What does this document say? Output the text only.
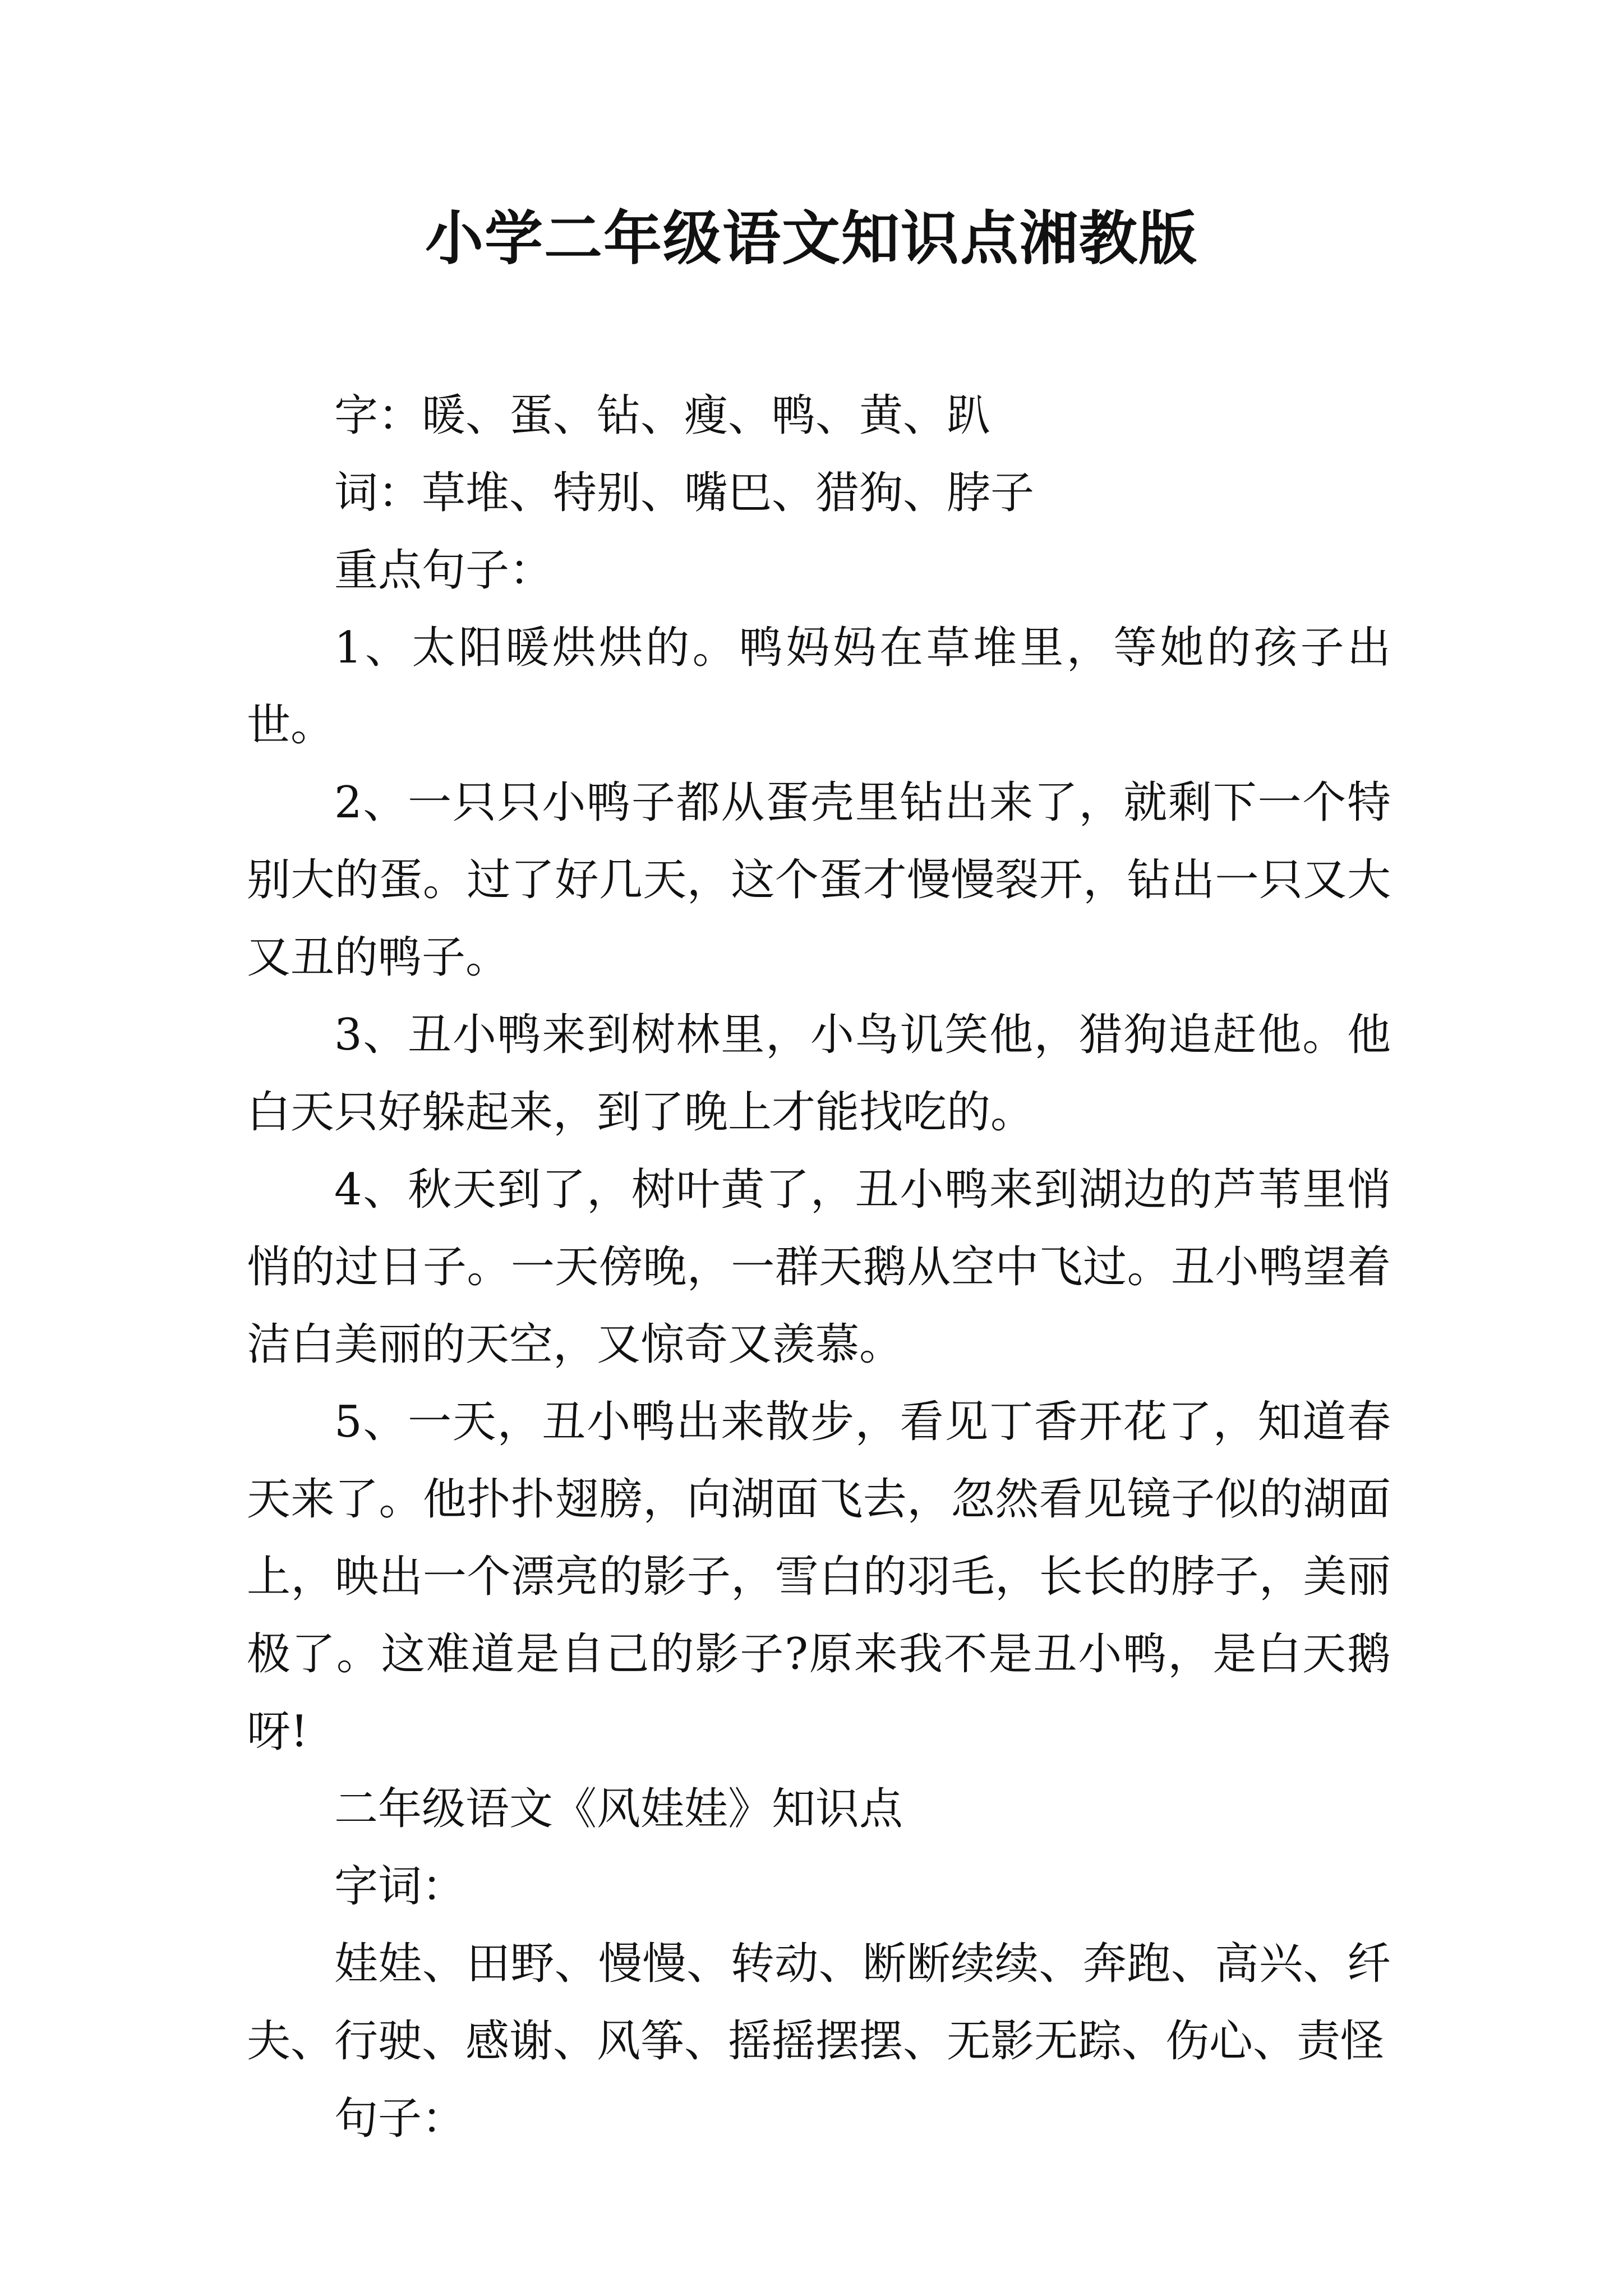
小学二年级语文知识点湘教版

字：暖、蛋、钻、瘦、鸭、黄、趴

词：草堆、特别、嘴巴、猎狗、脖子

重点句子：

1、太阳暖烘烘的。鸭妈妈在草堆里，等她的孩子出世。

2、一只只小鸭子都从蛋壳里钻出来了，就剩下一个特别大的蛋。过了好几天，这个蛋才慢慢裂开，钻出一只又大又丑的鸭子。

3、丑小鸭来到树林里，小鸟讥笑他，猎狗追赶他。他白天只好躲起来，到了晚上才能找吃的。

4、秋天到了，树叶黄了，丑小鸭来到湖边的芦苇里悄悄的过日子。一天傍晚，一群天鹅从空中飞过。丑小鸭望着洁白美丽的天空，又惊奇又羡慕。

5、一天，丑小鸭出来散步，看见丁香开花了，知道春天来了。他扑扑翅膀，向湖面飞去，忽然看见镜子似的湖面上，映出一个漂亮的影子，雪白的羽毛，长长的脖子，美丽极了。这难道是自己的影子?原来我不是丑小鸭，是白天鹅呀!

二年级语文《风娃娃》知识点

字词：

娃娃、田野、慢慢、转动、断断续续、奔跑、高兴、纤夫、行驶、感谢、风筝、摇摇摆摆、无影无踪、伤心、责怪

句子：
